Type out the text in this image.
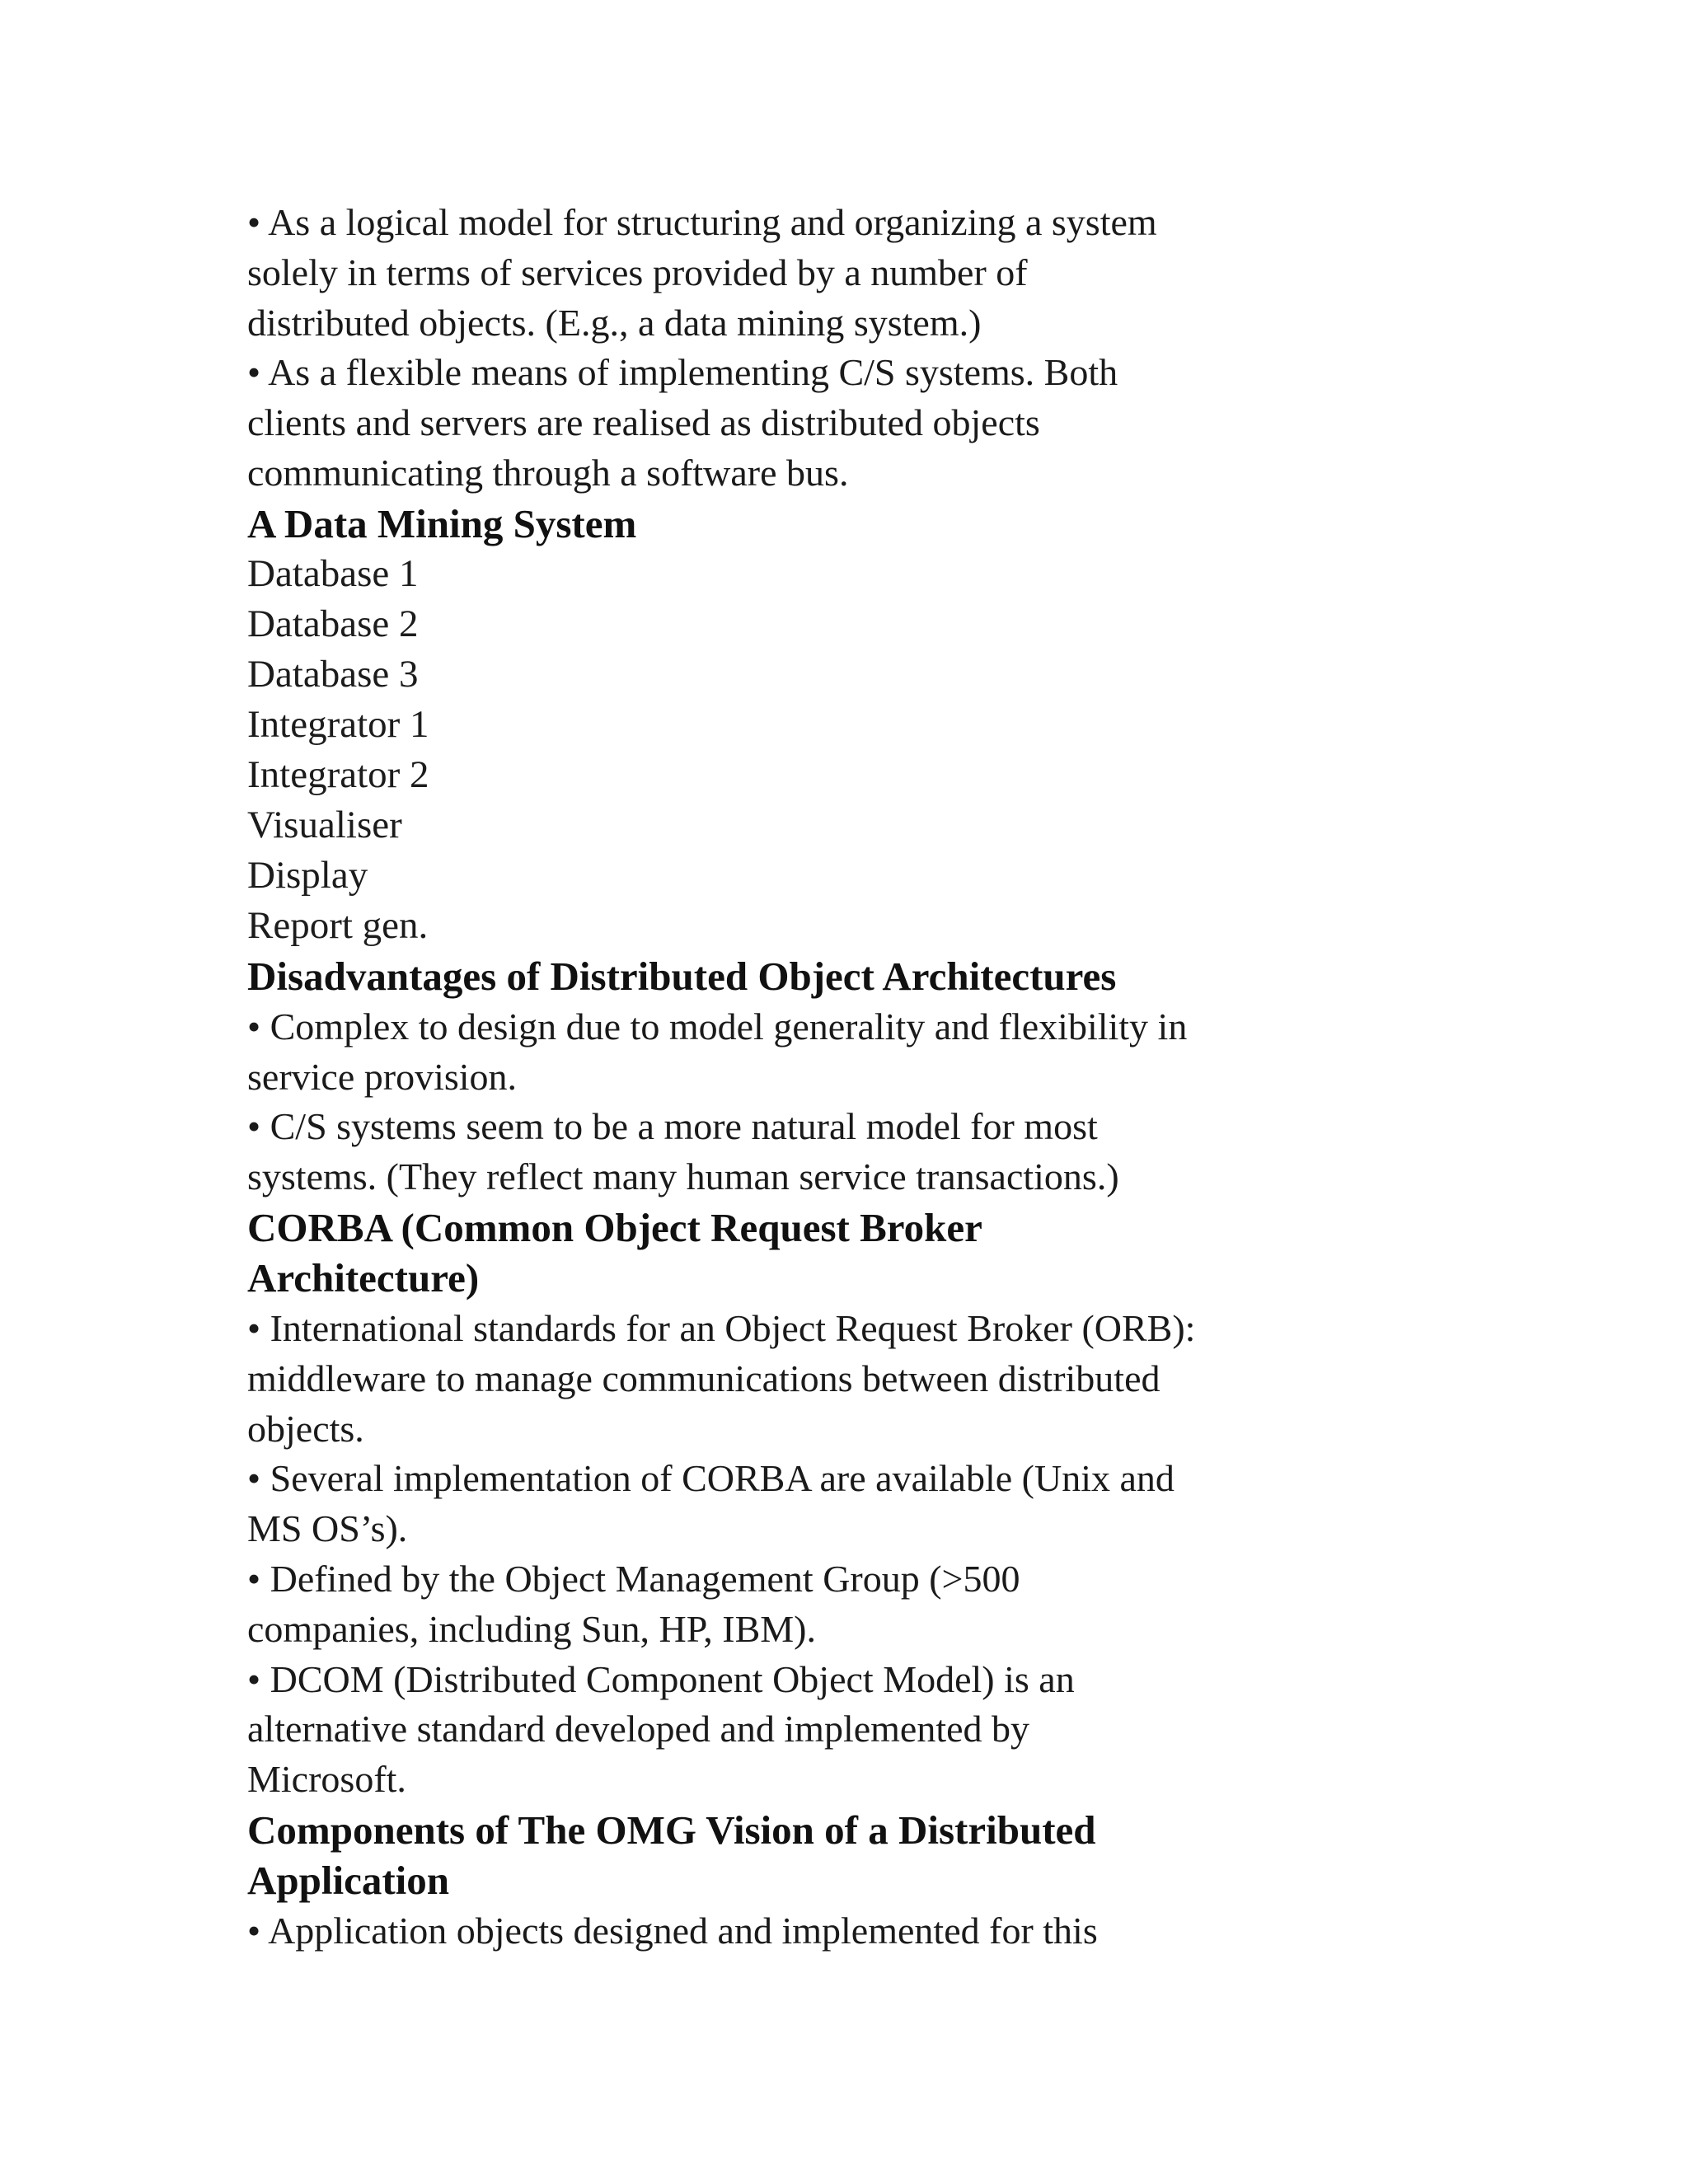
• As a logical model for structuring and organizing a system

solely in terms of services provided by a number of

distributed objects. (E.g., a data mining system.)

• As a flexible means of implementing C/S systems. Both

clients and servers are realised as distributed objects

communicating through a software bus.

A Data Mining System

Database 1

Database 2

Database 3

Integrator 1

Integrator 2

Visualiser

Display

Report gen.

Disadvantages of Distributed Object Architectures

• Complex to design due to model generality and flexibility in

service provision.

• C/S systems seem to be a more natural model for most

systems. (They reflect many human service transactions.)

CORBA (Common Object Request Broker
Architecture)

• International standards for an Object Request Broker (ORB):

middleware to manage communications between distributed

objects.

• Several implementation of CORBA are available (Unix and

MS OS’s).

• Defined by the Object Management Group (>500

companies, including Sun, HP, IBM).

• DCOM (Distributed Component Object Model) is an

alternative standard developed and implemented by

Microsoft.

Components of The OMG Vision of a Distributed
Application

• Application objects designed and implemented for this
